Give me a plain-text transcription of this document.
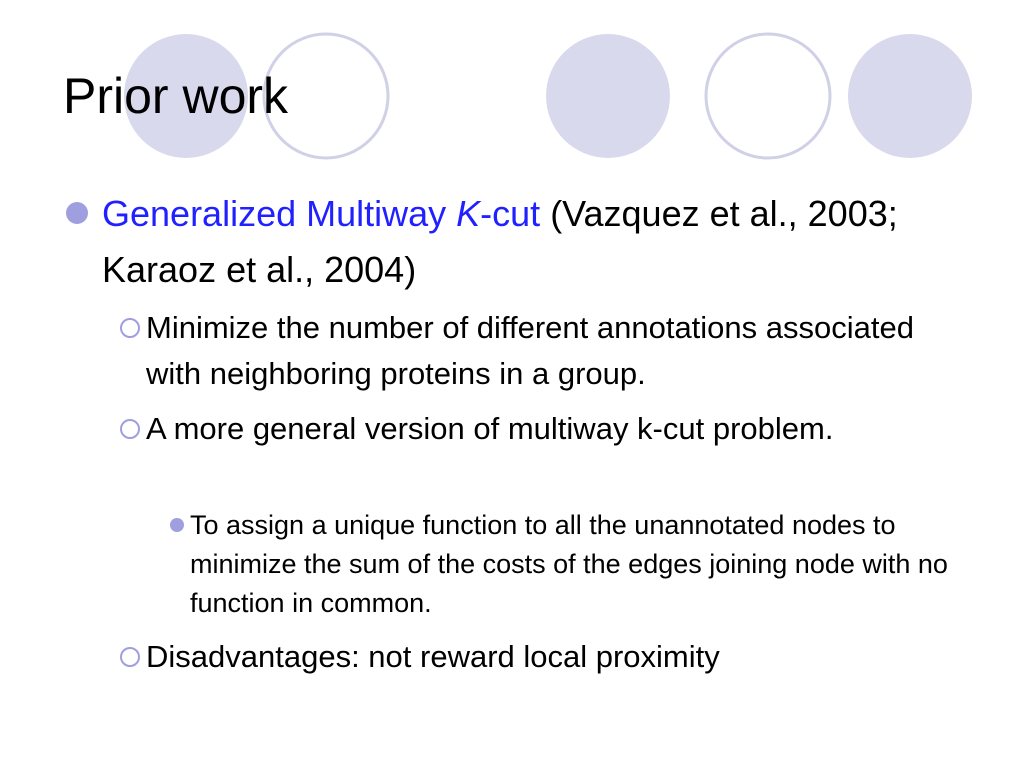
Prior work
Generalized Multiway K-cut (Vazquez et al., 2003; Karaoz et al., 2004)
Minimize the number of different annotations associated with neighboring proteins in a group.
A more general version of multiway k-cut problem.
To assign a unique function to all the unannotated nodes to minimize the sum of the costs of the edges joining node with no function in common.
Disadvantages: not reward local proximity
